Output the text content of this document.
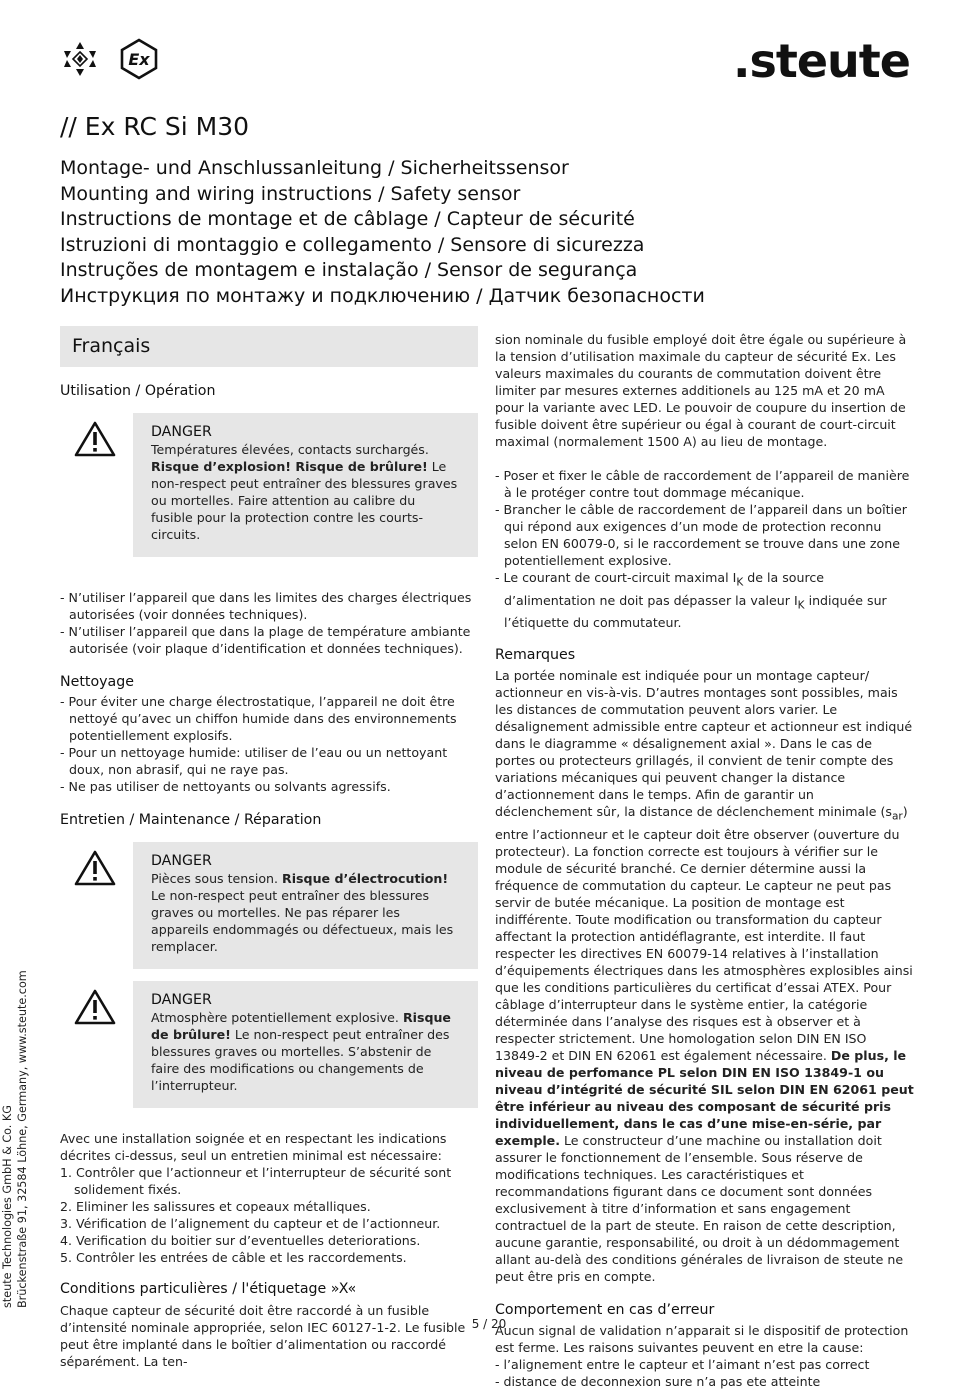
Ex	.steute
// Ex RC Si M30
Montage- und Anschlussanleitung / Sicherheitssensor
Mounting and wiring instructions / Safety sensor
Instructions de montage et de câblage / Capteur de sécurité
Istruzioni di montaggio e collegamento / Sensore di sicurezza
Instruções de montagem e instalação / Sensor de segurança
Инструкция по монтажу и подключению / Датчик безопасности
Français
Utilisation / Opération
DANGER

Températures élevées, contacts surchargés. Risque d’explosion! Risque de brûlure! Le non-respect peut entraîner des blessures graves ou mortelles. Faire attention au calibre du fusible pour la protection contre les courts-circuits.

- N’utiliser l’appareil que dans les limites des charges électriques autorisées (voir données techniques).
- N’utiliser l’appareil que dans la plage de température ambiante autorisée (voir plaque d’identification et données techniques).
Nettoyage
- Pour éviter une charge électrostatique, l’appareil ne doit être nettoyé qu’avec un chiffon humide dans des environnements potentiellement explosifs.
- Pour un nettoyage humide: utiliser de l’eau ou un nettoyant doux, non abrasif, qui ne raye pas.
- Ne pas utiliser de nettoyants ou solvants agressifs.
Entretien / Maintenance / Réparation
DANGER

Pièces sous tension. Risque d’électrocution! Le non-respect peut entraîner des blessures graves ou mortelles. Ne pas réparer les appareils endommagés ou défectueux, mais les remplacer.

DANGER

Atmosphère potentiellement explosive. Risque de brûlure! Le non-respect peut entraîner des blessures graves ou mortelles. S’abstenir de faire des modifications ou changements de l’interrupteur.

Avec une installation soignée et en respectant les indications décrites ci-dessus, seul un entretien minimal est nécessaire:

1. Contrôler que l’actionneur et l’interrupteur de sécurité sont solidement fixés.
2. Eliminer les salissures et copeaux métalliques.
3. Vérification de l’alignement du capteur et de l’actionneur.
4. Verification du boitier sur d’eventuelles deteriorations.
5. Contrôler les entrées de câble et les raccordements.
Conditions particulières / l'étiquetage »X«

Chaque capteur de sécurité doit être raccordé à un fusible d’intensité nominale appropriée, selon IEC 60127-1-2. Le fusible peut être implanté dans le boîtier d’alimentation ou raccordé séparément. La ten-

sion nominale du fusible employé doit être égale ou supérieure à la tension d’utilisation maximale du capteur de sécurité Ex. Les valeurs maximales du courants de commutation doivent être limiter par mesures externes additionels au 125 mA et 20 mA pour la variante avec LED. Le pouvoir de coupure du insertion de fusible doivent être supérieur ou égal à courant de court-circuit maximal (normalement 1500 A) au lieu de montage.

- Poser et fixer le câble de raccordement de l’appareil de manière à le protéger contre tout dommage mécanique.
- Brancher le câble de raccordement de l’appareil dans un boîtier qui répond aux exigences d’un mode de protection reconnu selon EN 60079-0, si le raccordement se trouve dans une zone potentiellement explosive.
- Le courant de court-circuit maximal $I_K$ de la source d’alimentation ne doit pas dépasser la valeur $I_K$ indiquée sur l’étiquette du commutateur.
Remarques

La portée nominale est indiquée pour un montage capteur/ actionneur en vis-à-vis. D’autres montages sont possibles, mais les distances de commutation peuvent alors varier. Le désalignement admissible entre capteur et actionneur est indiqué dans le diagramme « désalignement axial ». Dans le cas de portes ou protecteurs grillagés, il convient de tenir compte des variations mécaniques qui peuvent changer la distance d’actionnement dans le temps. Afin de garantir un déclenchement sûr, la distance de déclenchement minimale $(s_{ar})$ entre l’actionneur et le capteur doit être observer (ouverture du protecteur). La fonction correcte est toujours à vérifier sur le module de sécurité branché. Ce dernier détermine aussi la fréquence de commutation du capteur. Le capteur ne peut pas servir de butée mécanique. La position de montage est indifférente. Toute modification ou transformation du capteur affectant la protection antidéflagrante, est interdite. Il faut respecter les directives EN 60079-14 relatives à l’installation d’équipements électriques dans les atmosphères explosibles ainsi que les conditions particulières du certificat d’essai ATEX. Pour câblage d’interrupteur dans le système entier, la catégorie déterminée dans l’analyse des risques est à observer et à respecter strictement. Une homologation selon DIN EN ISO 13849-2 et DIN EN 62061 est également nécessaire. De plus, le niveau de perfomance PL selon DIN EN ISO 13849-1 ou niveau d’intégrité de sécurité SIL selon DIN EN 62061 peut être inférieur au niveau des composant de sécurité pris individuellement, dans le cas d’une mise-en-série, par exemple. Le constructeur d’une machine ou installation doit assurer le fonctionnement de l’ensemble. Sous réserve de modifications techniques. Les caractéristiques et recommandations figurant dans ce document sont données exclusivement à titre d’information et sans engagement contractuel de la part de steute. En raison de cette description, aucune garantie, responsabilité, ou droit à un dédommagement allant au-delà des conditions générales de livraison de steute ne peut être pris en compte.

Comportement en cas d’erreur

Aucun signal de validation n’apparait si le dispositif de protection est ferme. Les raisons suivantes peuvent en etre la cause:

- l’alignement entre le capteur et l’aimant n’est pas correct
- distance de deconnexion sure n’a pas ete atteinte
steute Technologies GmbH & Co. KG Brückenstraße 91, 32584 Löhne, Germany, www.steute.com
5 / 20
